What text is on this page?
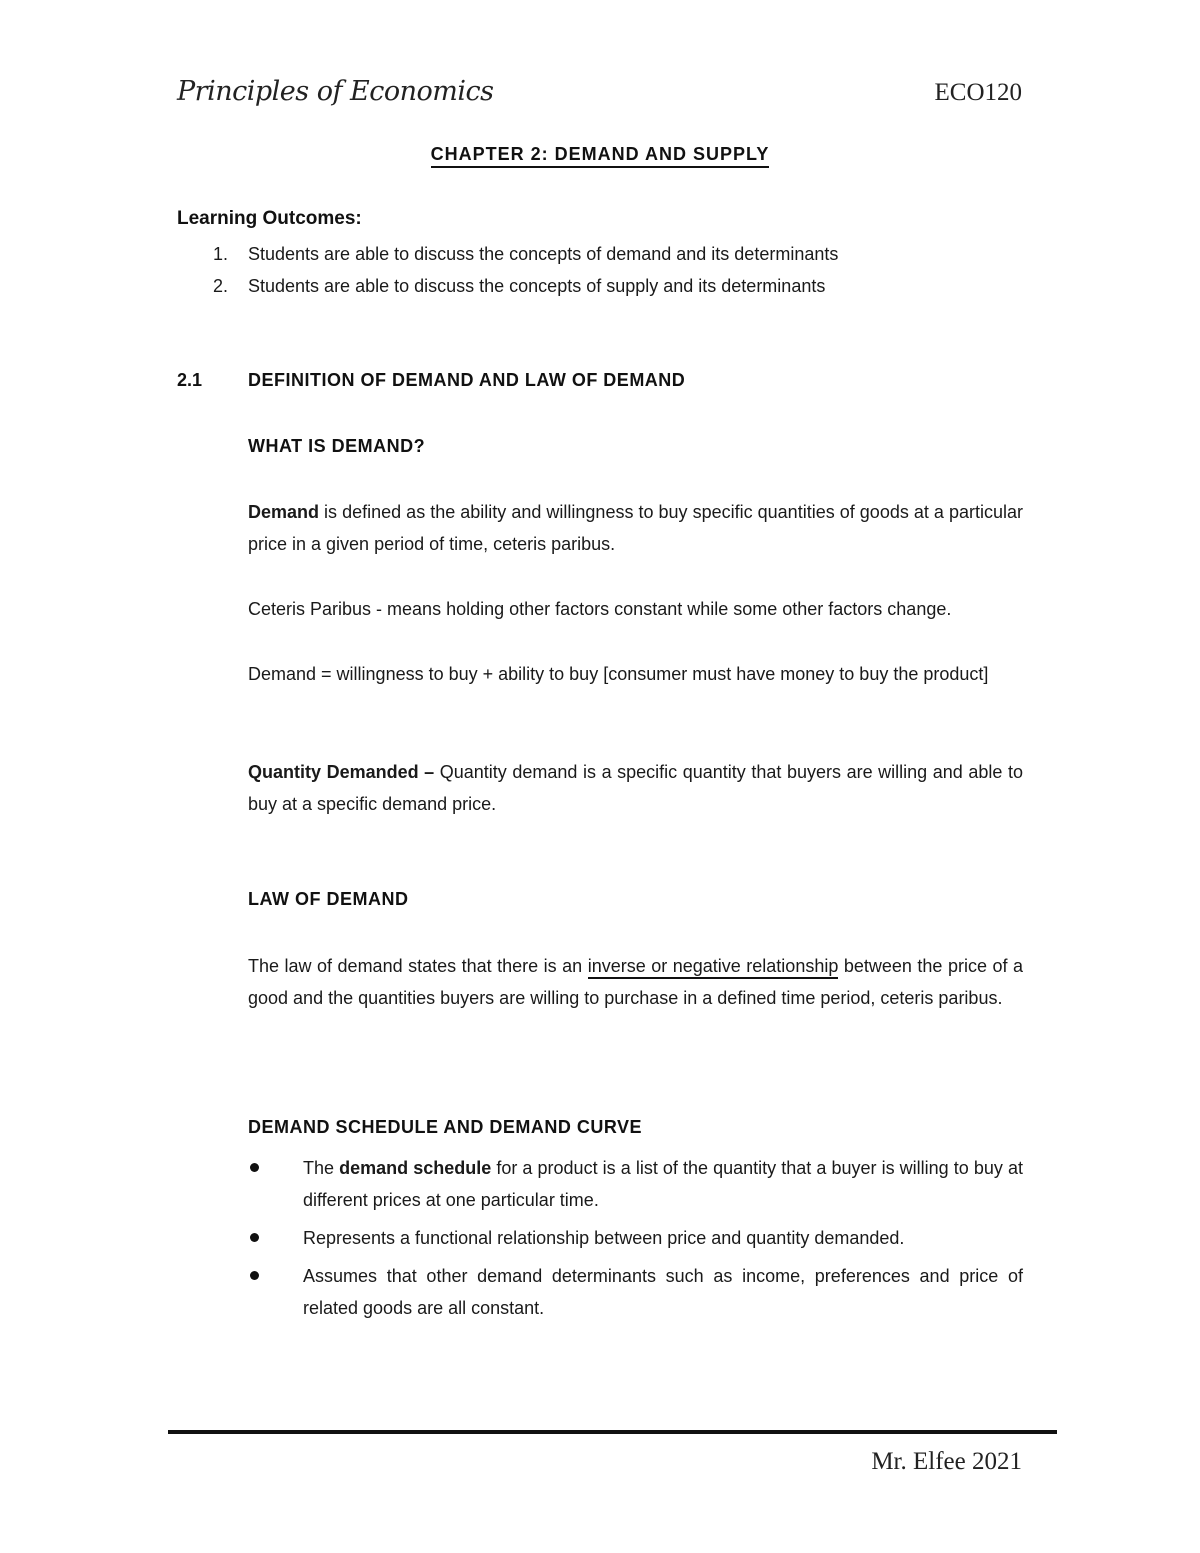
Principles of Economics	ECO120
CHAPTER 2: DEMAND AND SUPPLY
Learning Outcomes:
1. Students are able to discuss the concepts of demand and its determinants
2. Students are able to discuss the concepts of supply and its determinants
2.1	DEFINITION OF DEMAND AND LAW OF DEMAND
WHAT IS DEMAND?
Demand is defined as the ability and willingness to buy specific quantities of goods at a particular price in a given period of time, ceteris paribus.
Ceteris Paribus - means holding other factors constant while some other factors change.
Demand = willingness to buy + ability to buy [consumer must have money to buy the product]
Quantity Demanded – Quantity demand is a specific quantity that buyers are willing and able to buy at a specific demand price.
LAW OF DEMAND
The law of demand states that there is an inverse or negative relationship between the price of a good and the quantities buyers are willing to purchase in a defined time period, ceteris paribus.
DEMAND SCHEDULE AND DEMAND CURVE
The demand schedule for a product is a list of the quantity that a buyer is willing to buy at different prices at one particular time.
Represents a functional relationship between price and quantity demanded.
Assumes that other demand determinants such as income, preferences and price of related goods are all constant.
Mr. Elfee 2021
